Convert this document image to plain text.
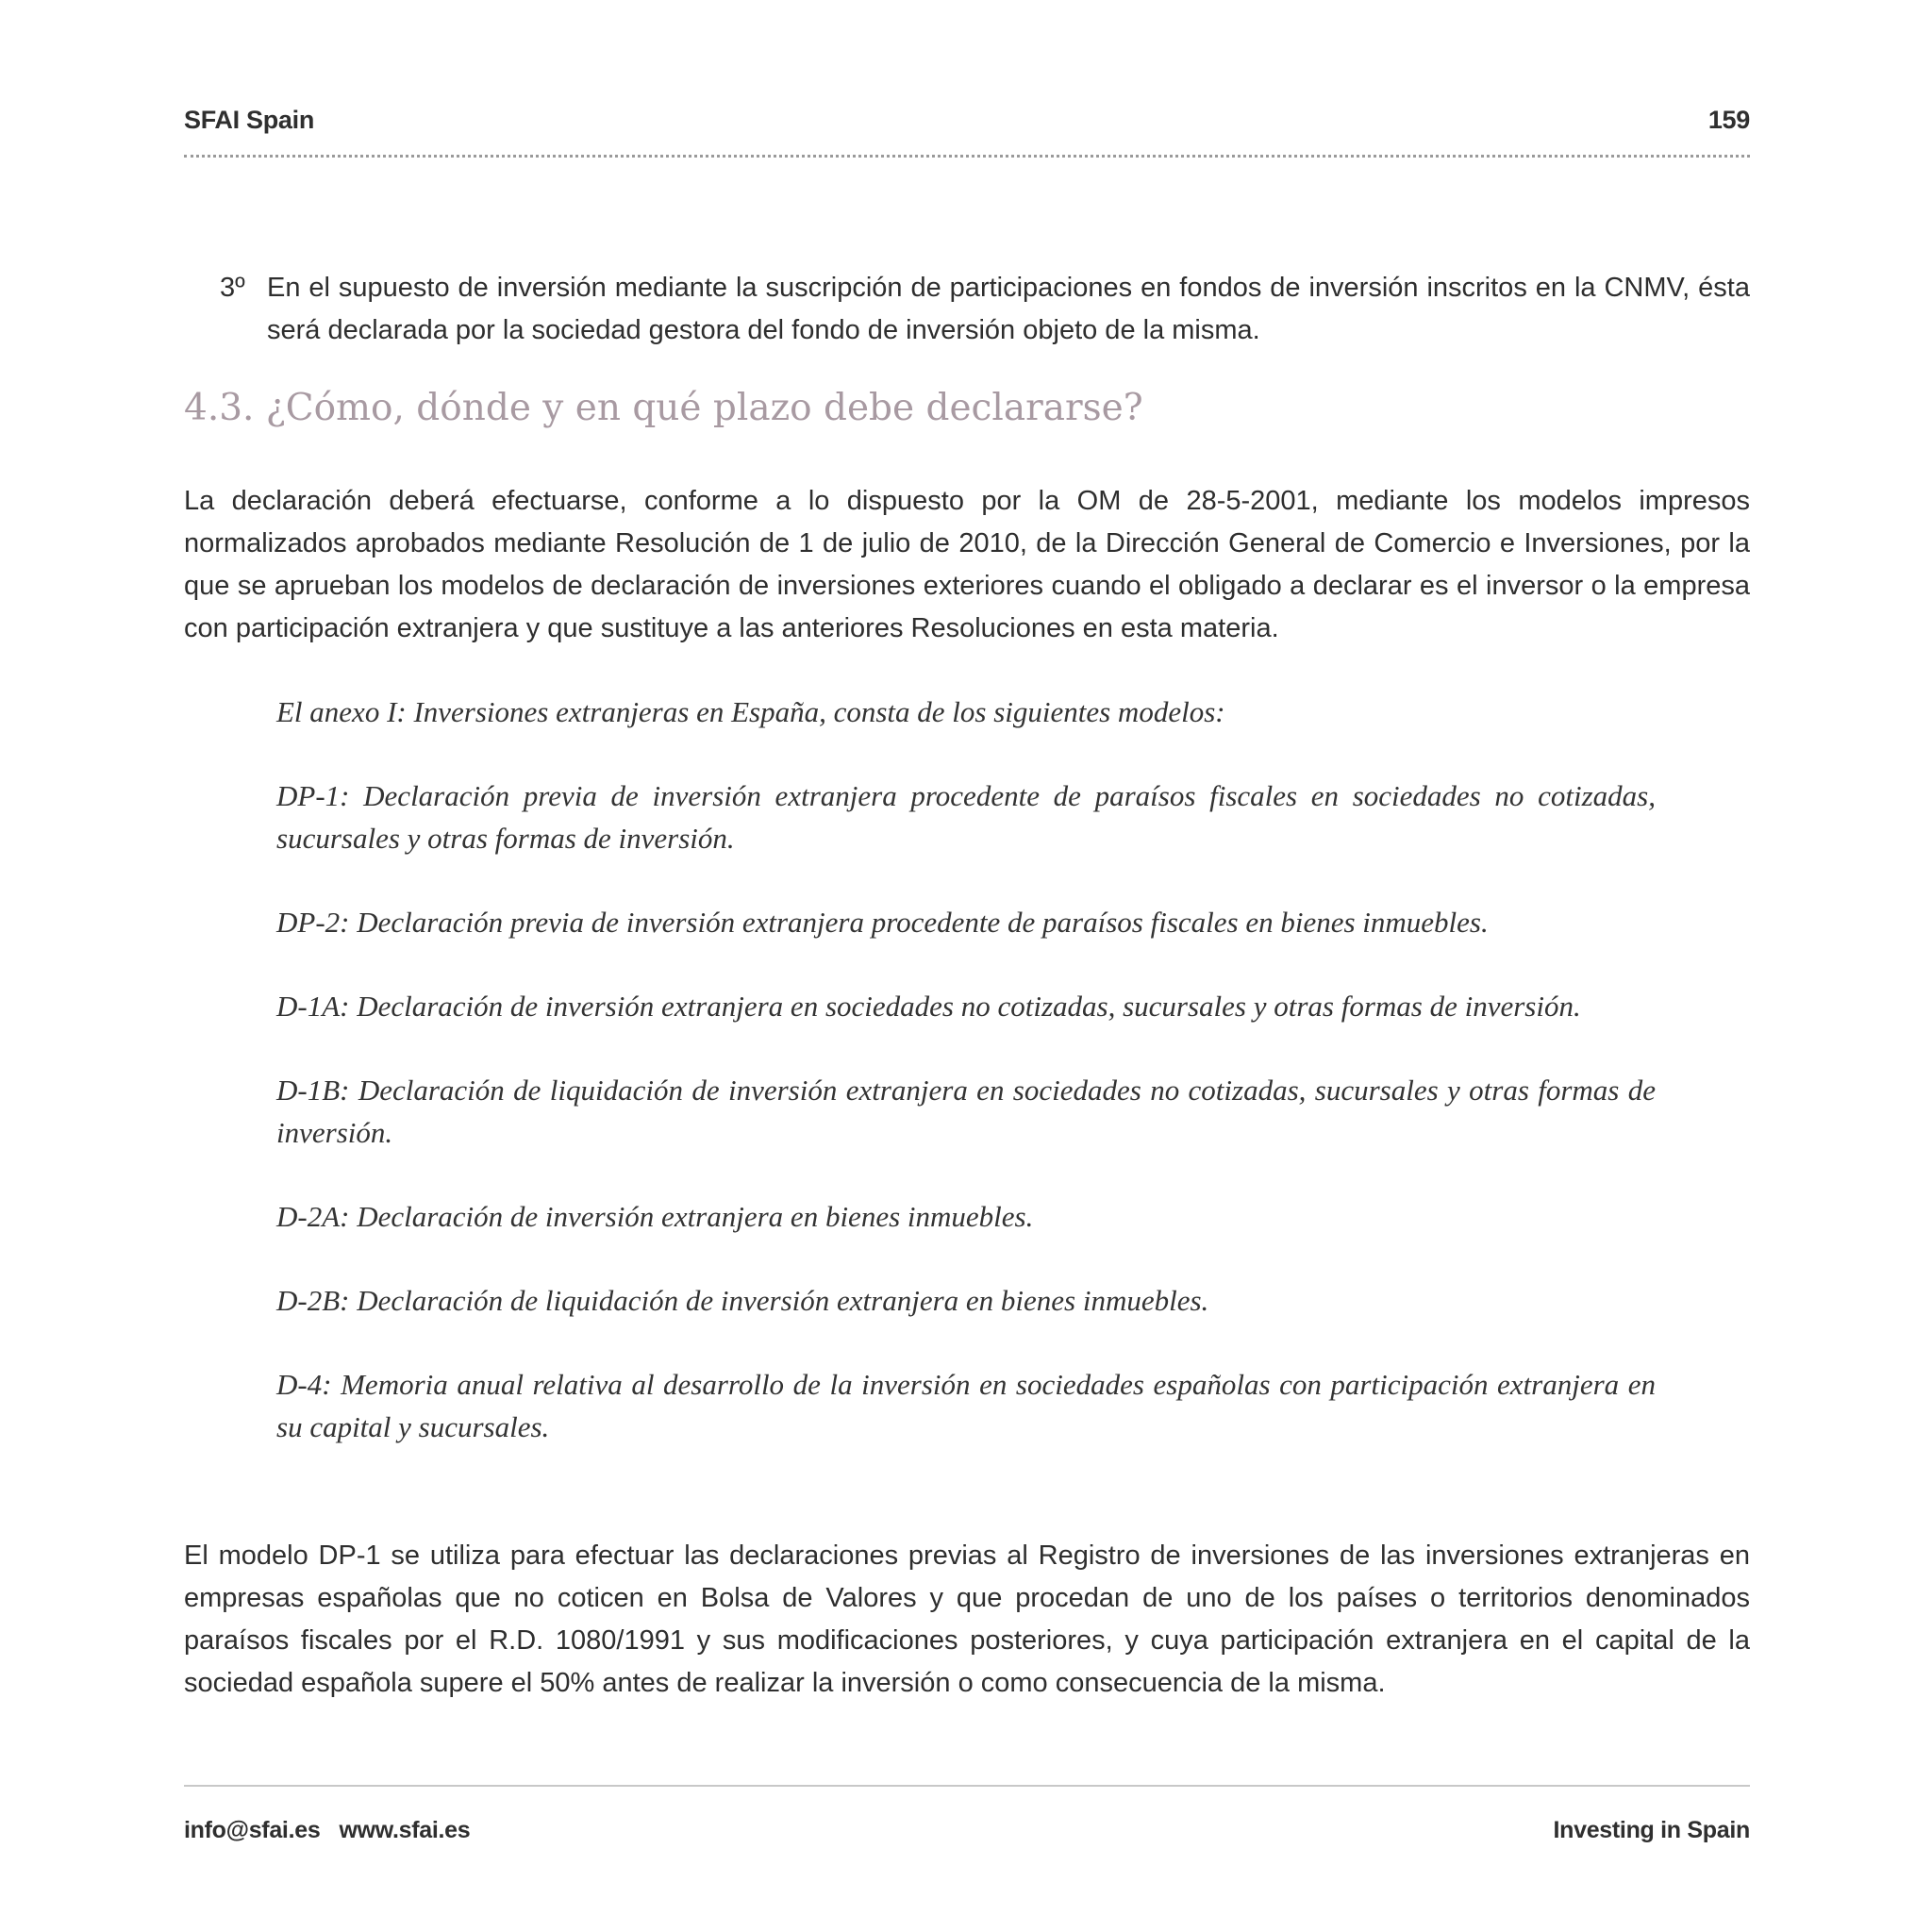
SFAI Spain	159
3º En el supuesto de inversión mediante la suscripción de participaciones en fondos de inversión inscritos en la CNMV, ésta será declarada por la sociedad gestora del fondo de inversión objeto de la misma.
4.3. ¿Cómo, dónde y en qué plazo debe declararse?
La declaración deberá efectuarse, conforme a lo dispuesto por la OM de 28-5-2001, mediante los modelos impresos normalizados aprobados mediante Resolución de 1 de julio de 2010, de la Dirección General de Comercio e Inversiones, por la que se aprueban los modelos de declaración de inversiones exteriores cuando el obligado a declarar es el inversor o la empresa con participación extranjera y que sustituye a las anteriores Resoluciones en esta materia.

El anexo I: Inversiones extranjeras en España, consta de los siguientes modelos:

DP-1: Declaración previa de inversión extranjera procedente de paraísos fiscales en sociedades no cotizadas, sucursales y otras formas de inversión.

DP-2: Declaración previa de inversión extranjera procedente de paraísos fiscales en bienes inmuebles.

D-1A: Declaración de inversión extranjera en sociedades no cotizadas, sucursales y otras formas de inversión.

D-1B: Declaración de liquidación de inversión extranjera en sociedades no cotizadas, sucursales y otras formas de inversión.

D-2A: Declaración de inversión extranjera en bienes inmuebles.

D-2B: Declaración de liquidación de inversión extranjera en bienes inmuebles.

D-4: Memoria anual relativa al desarrollo de la inversión en sociedades españolas con participación extranjera en su capital y sucursales.

El modelo DP-1 se utiliza para efectuar las declaraciones previas al Registro de inversiones de las inversiones extranjeras en empresas españolas que no coticen en Bolsa de Valores y que procedan de uno de los países o territorios denominados paraísos fiscales por el R.D. 1080/1991 y sus modificaciones posteriores, y cuya participación extranjera en el capital de la sociedad española supere el 50% antes de realizar la inversión o como consecuencia de la misma.
info@sfai.es www.sfai.es	Investing in Spain
